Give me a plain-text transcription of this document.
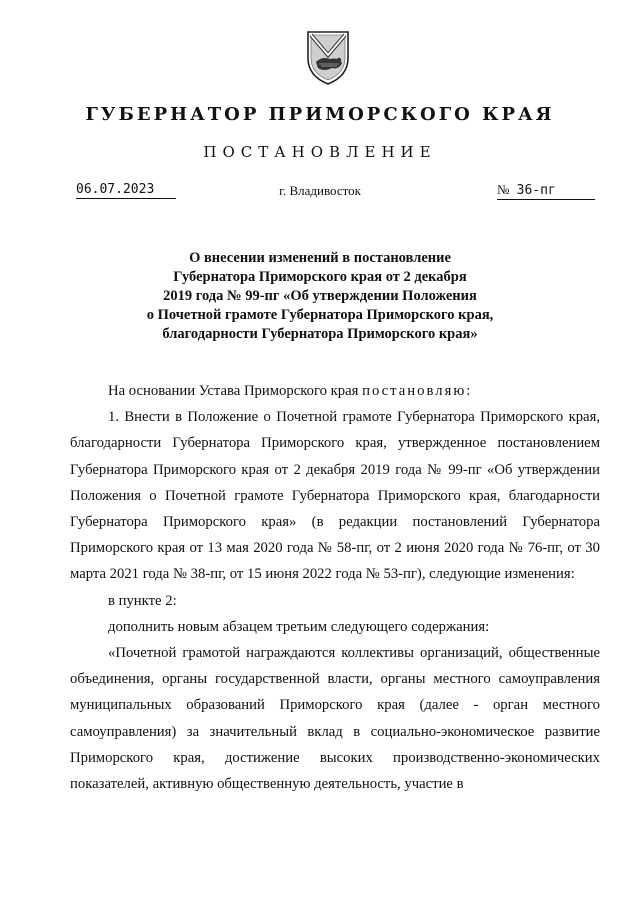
ГУБЕРНАТОР ПРИМОРСКОГО КРАЯ
ПОСТАНОВЛЕНИЕ
06.07.2023	г. Владивосток	№ 36-пг
О внесении изменений в постановление
Губернатора Приморского края от 2 декабря
2019 года № 99-пг «Об утверждении Положения
о Почетной грамоте Губернатора Приморского края,
благодарности Губернатора Приморского края»

На основании Устава Приморского края постановляю:

1. Внести в Положение о Почетной грамоте Губернатора Приморского края, благодарности Губернатора Приморского края, утвержденное постановлением Губернатора Приморского края от 2 декабря 2019 года № 99-пг «Об утверждении Положения о Почетной грамоте Губернатора Приморского края, благодарности Губернатора Приморского края» (в редакции постановлений Губернатора Приморского края от 13 мая 2020 года № 58-пг, от 2 июня 2020 года № 76-пг, от 30 марта 2021 года № 38-пг, от 15 июня 2022 года № 53-пг), следующие изменения:

в пункте 2:

дополнить новым абзацем третьим следующего содержания:

«Почетной грамотой награждаются коллективы организаций, общественные объединения, органы государственной власти, органы местного самоуправления муниципальных образований Приморского края (далее - орган местного самоуправления) за значительный вклад в социально-экономическое развитие Приморского края, достижение высоких производственно-экономических показателей, активную общественную деятельность, участие в
